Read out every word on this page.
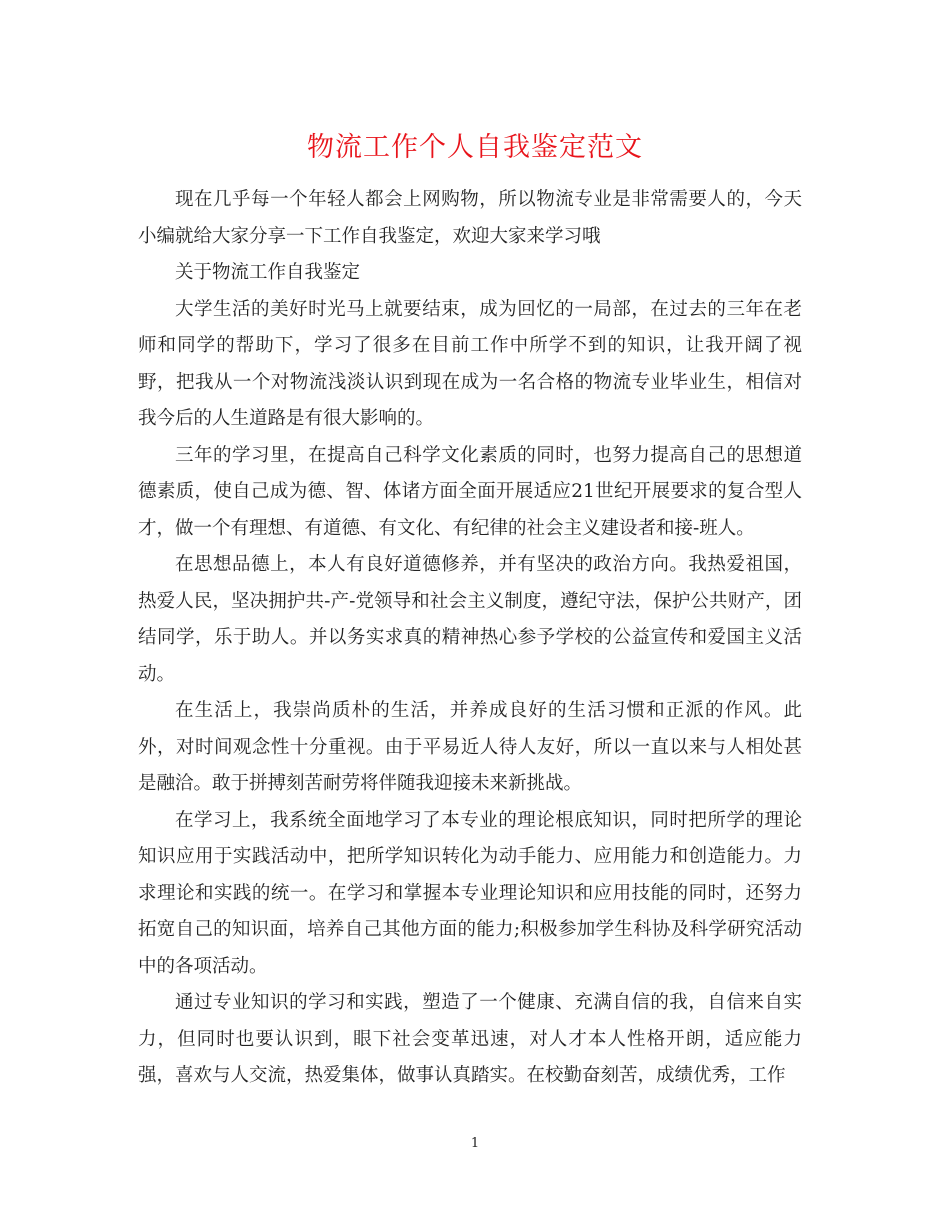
物流工作个人自我鉴定范文

现在几乎每一个年轻人都会上网购物，所以物流专业是非常需要人的，今天小编就给大家分享一下工作自我鉴定，欢迎大家来学习哦

关于物流工作自我鉴定

大学生活的美好时光马上就要结束，成为回忆的一局部，在过去的三年在老师和同学的帮助下，学习了很多在目前工作中所学不到的知识，让我开阔了视野，把我从一个对物流浅淡认识到现在成为一名合格的物流专业毕业生，相信对我今后的人生道路是有很大影响的。

三年的学习里，在提高自己科学文化素质的同时，也努力提高自己的思想道德素质，使自己成为德、智、体诸方面全面开展适应21世纪开展要求的复合型人才，做一个有理想、有道德、有文化、有纪律的社会主义建设者和接-班人。

在思想品德上，本人有良好道德修养，并有坚决的政治方向。我热爱祖国，热爱人民，坚决拥护共-产-党领导和社会主义制度，遵纪守法，保护公共财产，团结同学，乐于助人。并以务实求真的精神热心参予学校的公益宣传和爱国主义活动。

在生活上，我崇尚质朴的生活，并养成良好的生活习惯和正派的作风。此外，对时间观念性十分重视。由于平易近人待人友好，所以一直以来与人相处甚是融洽。敢于拼搏刻苦耐劳将伴随我迎接未来新挑战。

在学习上，我系统全面地学习了本专业的理论根底知识，同时把所学的理论知识应用于实践活动中，把所学知识转化为动手能力、应用能力和创造能力。力求理论和实践的统一。在学习和掌握本专业理论知识和应用技能的同时，还努力拓宽自己的知识面，培养自己其他方面的能力;积极参加学生科协及科学研究活动中的各项活动。

通过专业知识的学习和实践，塑造了一个健康、充满自信的我，自信来自实力，但同时也要认识到，眼下社会变革迅速，对人才本人性格开朗，适应能力强，喜欢与人交流，热爱集体，做事认真踏实。在校勤奋刻苦，成绩优秀，工作

1
